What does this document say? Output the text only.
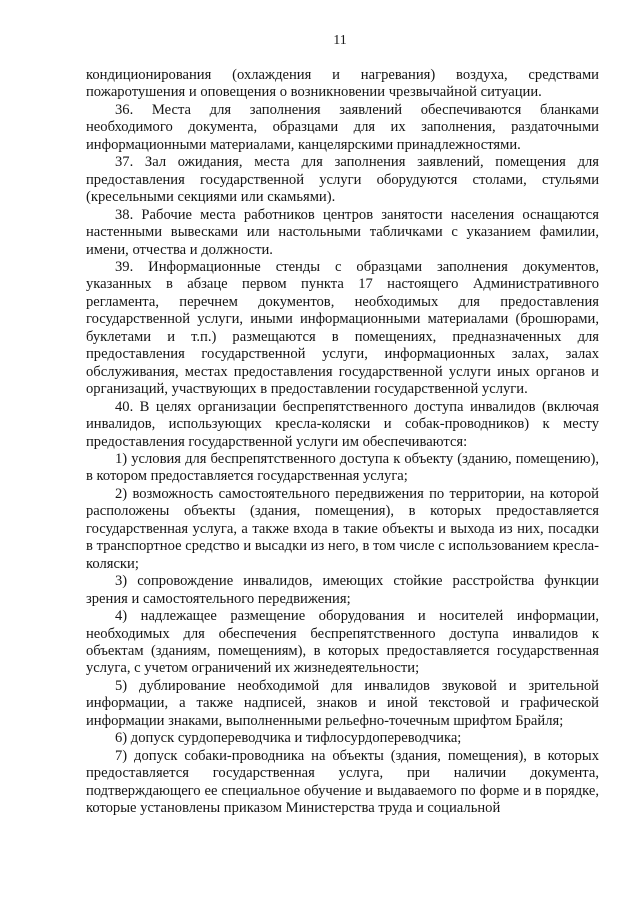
11

кондиционирования (охлаждения и нагревания) воздуха, средствами пожаротушения и оповещения о возникновении чрезвычайной ситуации.

36. Места для заполнения заявлений обеспечиваются бланками необходимого документа, образцами для их заполнения, раздаточными информационными материалами, канцелярскими принадлежностями.

37. Зал ожидания, места для заполнения заявлений, помещения для предоставления государственной услуги оборудуются столами, стульями (кресельными секциями или скамьями).

38. Рабочие места работников центров занятости населения оснащаются настенными вывесками или настольными табличками с указанием фамилии, имени, отчества и должности.

39. Информационные стенды с образцами заполнения документов, указанных в абзаце первом пункта 17 настоящего Административного регламента, перечнем документов, необходимых для предоставления государственной услуги, иными информационными материалами (брошюрами, буклетами и т.п.) размещаются в помещениях, предназначенных для предоставления государственной услуги, информационных залах, залах обслуживания, местах предоставления государственной услуги иных органов и организаций, участвующих в предоставлении государственной услуги.

40. В целях организации беспрепятственного доступа инвалидов (включая инвалидов, использующих кресла-коляски и собак-проводников) к месту предоставления государственной услуги им обеспечиваются:

1) условия для беспрепятственного доступа к объекту (зданию, помещению), в котором предоставляется государственная услуга;

2) возможность самостоятельного передвижения по территории, на которой расположены объекты (здания, помещения), в которых предоставляется государственная услуга, а также входа в такие объекты и выхода из них, посадки в транспортное средство и высадки из него, в том числе с использованием кресла-коляски;

3) сопровождение инвалидов, имеющих стойкие расстройства функции зрения и самостоятельного передвижения;

4) надлежащее размещение оборудования и носителей информации, необходимых для обеспечения беспрепятственного доступа инвалидов к объектам (зданиям, помещениям), в которых предоставляется государственная услуга, с учетом ограничений их жизнедеятельности;

5) дублирование необходимой для инвалидов звуковой и зрительной информации, а также надписей, знаков и иной текстовой и графической информации знаками, выполненными рельефно-точечным шрифтом Брайля;

6) допуск сурдопереводчика и тифлосурдопереводчика;

7) допуск собаки-проводника на объекты (здания, помещения), в которых предоставляется государственная услуга, при наличии документа, подтверждающего ее специальное обучение и выдаваемого по форме и в порядке, которые установлены приказом Министерства труда и социальной
